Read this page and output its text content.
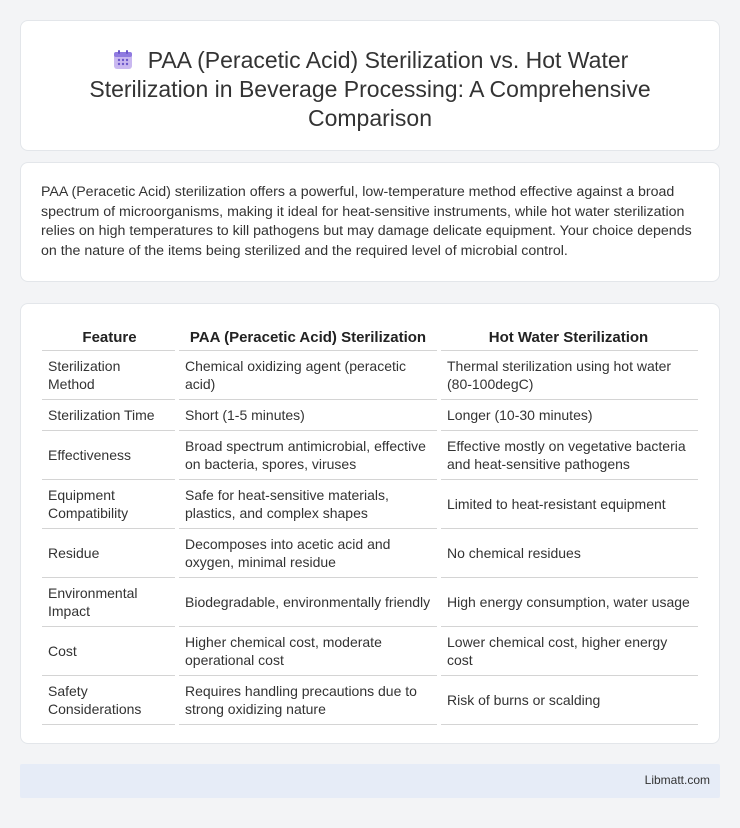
PAA (Peracetic Acid) Sterilization vs. Hot Water Sterilization in Beverage Processing: A Comprehensive Comparison

PAA (Peracetic Acid) sterilization offers a powerful, low-temperature method effective against a broad spectrum of microorganisms, making it ideal for heat-sensitive instruments, while hot water sterilization relies on high temperatures to kill pathogens but may damage delicate equipment. Your choice depends on the nature of the items being sterilized and the required level of microbial control.

Feature	PAA (Peracetic Acid) Sterilization	Hot Water Sterilization
Sterilization Method	Chemical oxidizing agent (peracetic acid)	Thermal sterilization using hot water (80-100degC)
Sterilization Time	Short (1-5 minutes)	Longer (10-30 minutes)
Effectiveness	Broad spectrum antimicrobial, effective on bacteria, spores, viruses	Effective mostly on vegetative bacteria and heat-sensitive pathogens
Equipment Compatibility	Safe for heat-sensitive materials, plastics, and complex shapes	Limited to heat-resistant equipment
Residue	Decomposes into acetic acid and oxygen, minimal residue	No chemical residues
Environmental Impact	Biodegradable, environmentally friendly	High energy consumption, water usage
Cost	Higher chemical cost, moderate operational cost	Lower chemical cost, higher energy cost
Safety Considerations	Requires handling precautions due to strong oxidizing nature	Risk of burns or scalding
Libmatt.com
